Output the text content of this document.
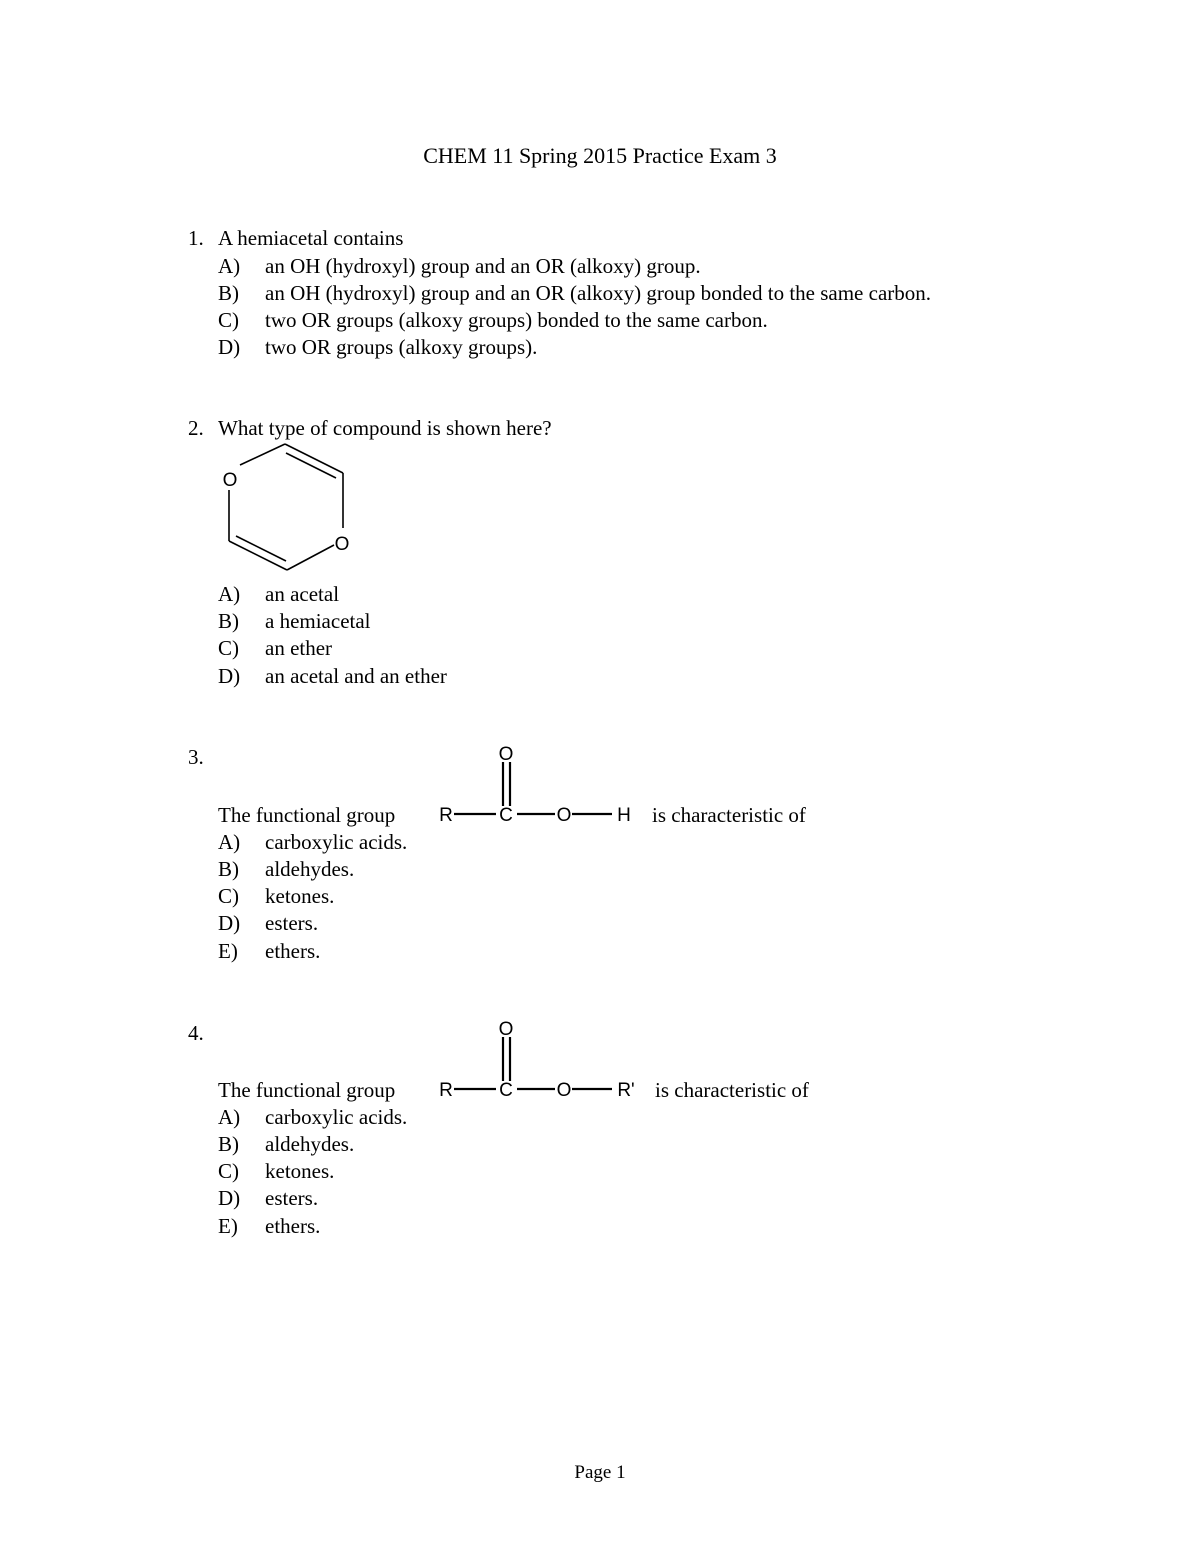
CHEM 11 Spring 2015 Practice Exam 3
1. A hemiacetal contains
A) an OH (hydroxyl) group and an OR (alkoxy) group.
B) an OH (hydroxyl) group and an OR (alkoxy) group bonded to the same carbon.
C) two OR groups (alkoxy groups) bonded to the same carbon.
D) two OR groups (alkoxy groups).
2. What type of compound is shown here?
O
O
A) an acetal
B) a hemiacetal
C) an ether
D) an acetal and an ether
3.
The functional group R C O H
O
is characteristic of
A) carboxylic acids.
B) aldehydes.
C) ketones.
D) esters.
E) ethers.
4.
The functional group R C O R'
O
is characteristic of
A) carboxylic acids.
B) aldehydes.
C) ketones.
D) esters.
E) ethers.
Page 1
